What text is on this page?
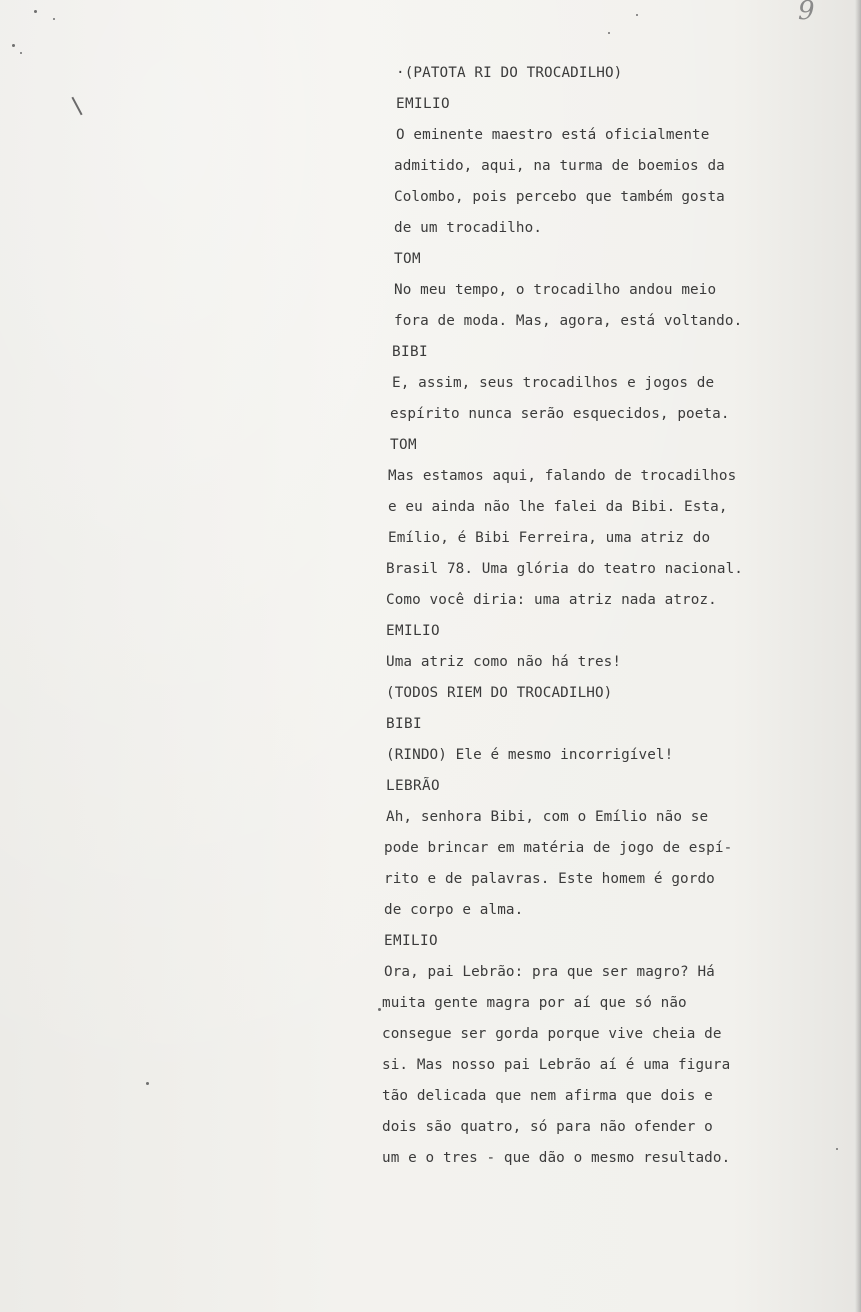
9
·(PATOTA RI DO TROCADILHO)
EMILIO
O eminente maestro está oficialmente
admitido, aqui, na turma de boemios da
Colombo, pois percebo que também gosta
de um trocadilho.
TOM
No meu tempo, o trocadilho andou meio
fora de moda. Mas, agora, está voltando.
BIBI
E, assim, seus trocadilhos e jogos de
espírito nunca serão esquecidos, poeta.
TOM
Mas estamos aqui, falando de trocadilhos
e eu ainda não lhe falei da Bibi. Esta,
Emílio, é Bibi Ferreira, uma atriz do
Brasil 78. Uma glória do teatro nacional.
Como você diria: uma atriz nada atroz.
EMILIO
Uma atriz como não há tres!
(TODOS RIEM DO TROCADILHO)
BIBI
(RINDO) Ele é mesmo incorrigível!
LEBRÃO
Ah, senhora Bibi, com o Emílio não se
pode brincar em matéria de jogo de espí-
rito e de palavras. Este homem é gordo
de corpo e alma.
EMILIO
Ora, pai Lebrão: pra que ser magro? Há
muita gente magra por aí que só não
consegue ser gorda porque vive cheia de
si. Mas nosso pai Lebrão aí é uma figura
tão delicada que nem afirma que dois e
dois são quatro, só para não ofender o
um e o tres - que dão o mesmo resultado.
